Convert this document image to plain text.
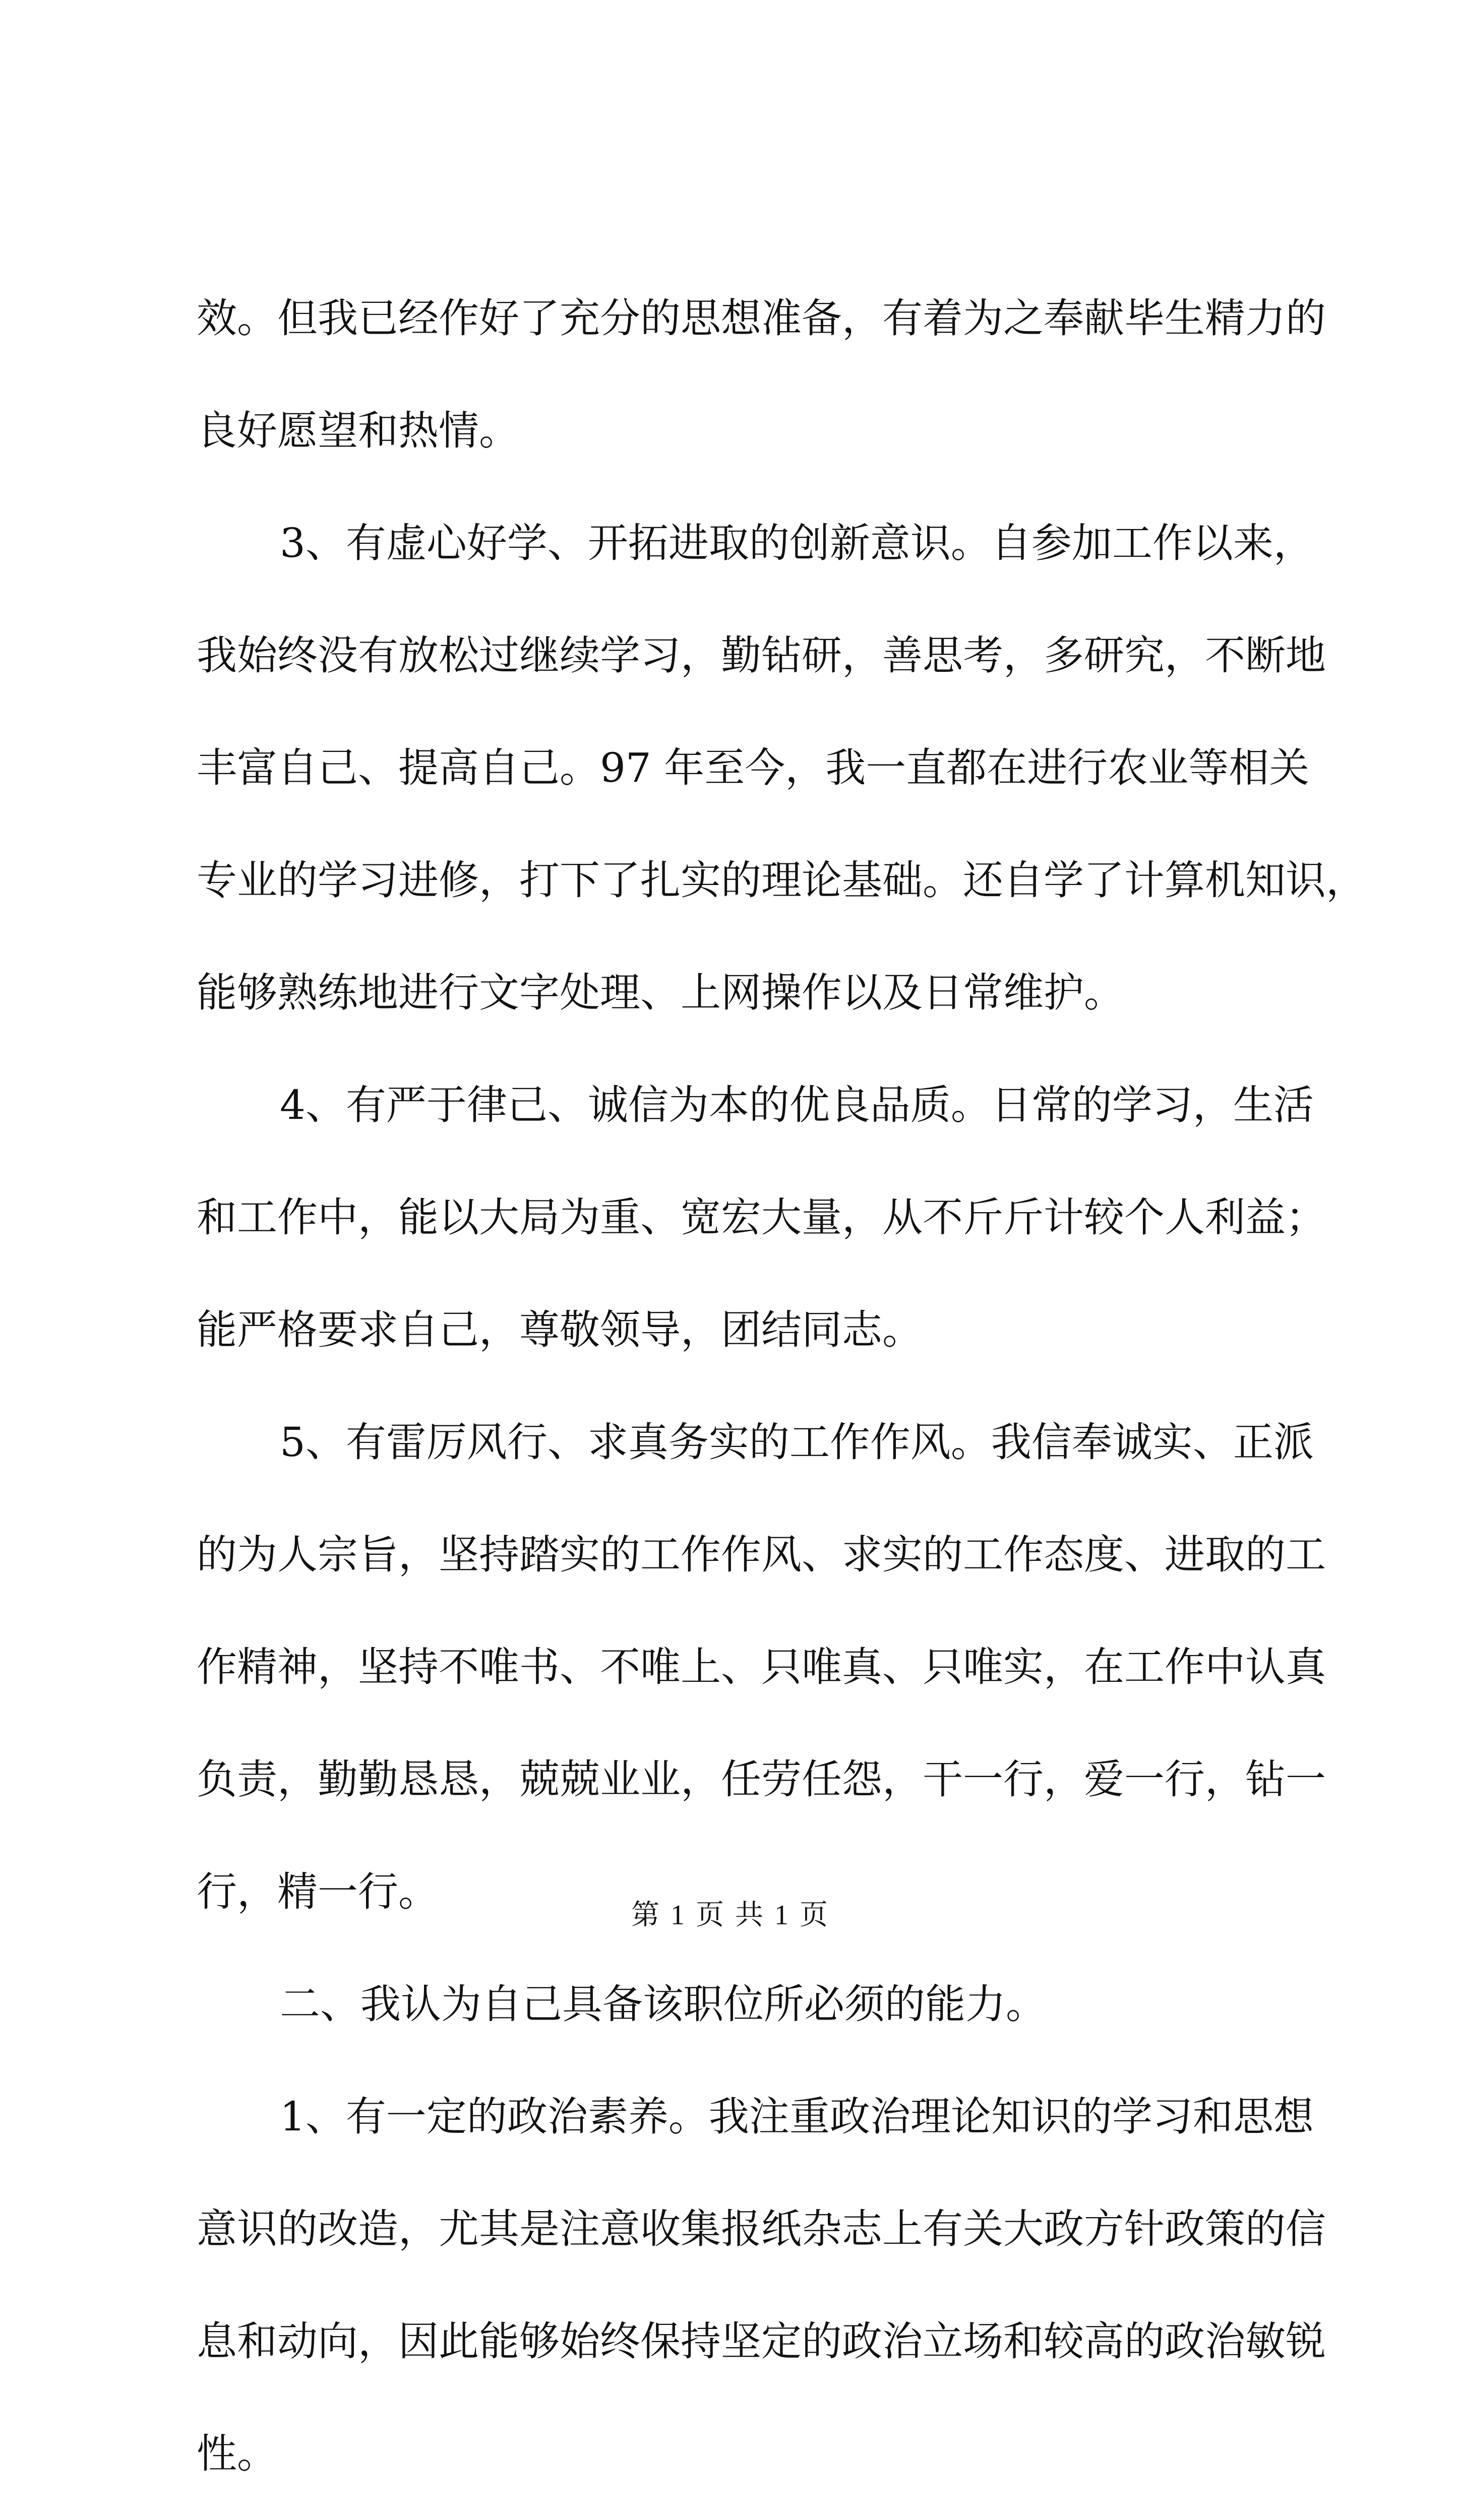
效。但我已经作好了充分的思想准备，有着为之奉献毕生精力的
良好愿望和热情。
3、有虚心好学、开拓进取的创新意识。自参加工作以来，
我始终没有放松过继续学习，勤钻研，善思考，多研究，不断地
丰富自己、提高自己。97 年至今，我一直都在进行农业等相关
专业的学习进修，打下了扎实的理论基础。还自学了计算机知识，
能够熟练地进行文字处理、上网操作以及日常维护。
4、有严于律己、诚信为本的优良品质。日常的学习，生活
和工作中，能以大局为重、宽宏大量，从不斤斤计较个人利益；
能严格要求自己，尊敬领导，团结同志。
5、有雷厉风行、求真务实的工作作风。我信奉诚实、正派
的为人宗旨，坚持踏实的工作作风、求实的工作态度、进取的工
作精神，坚持不唯书、不唯上、只唯真、只唯实，在工作中认真
负责，勤勤恳恳，兢兢业业，任劳任怨，干一行，爱一行，钻一
行，精一行。
二、我认为自己具备该职位所必须的能力。
1、有一定的政治素养。我注重政治理论知识的学习和思想
意识的改造，尤其是注意收集报纸杂志上有关大政方针政策的信
息和动向，因此能够始终保持坚定的政治立场和较高的政治敏锐
性。
第 1 页 共 1 页
